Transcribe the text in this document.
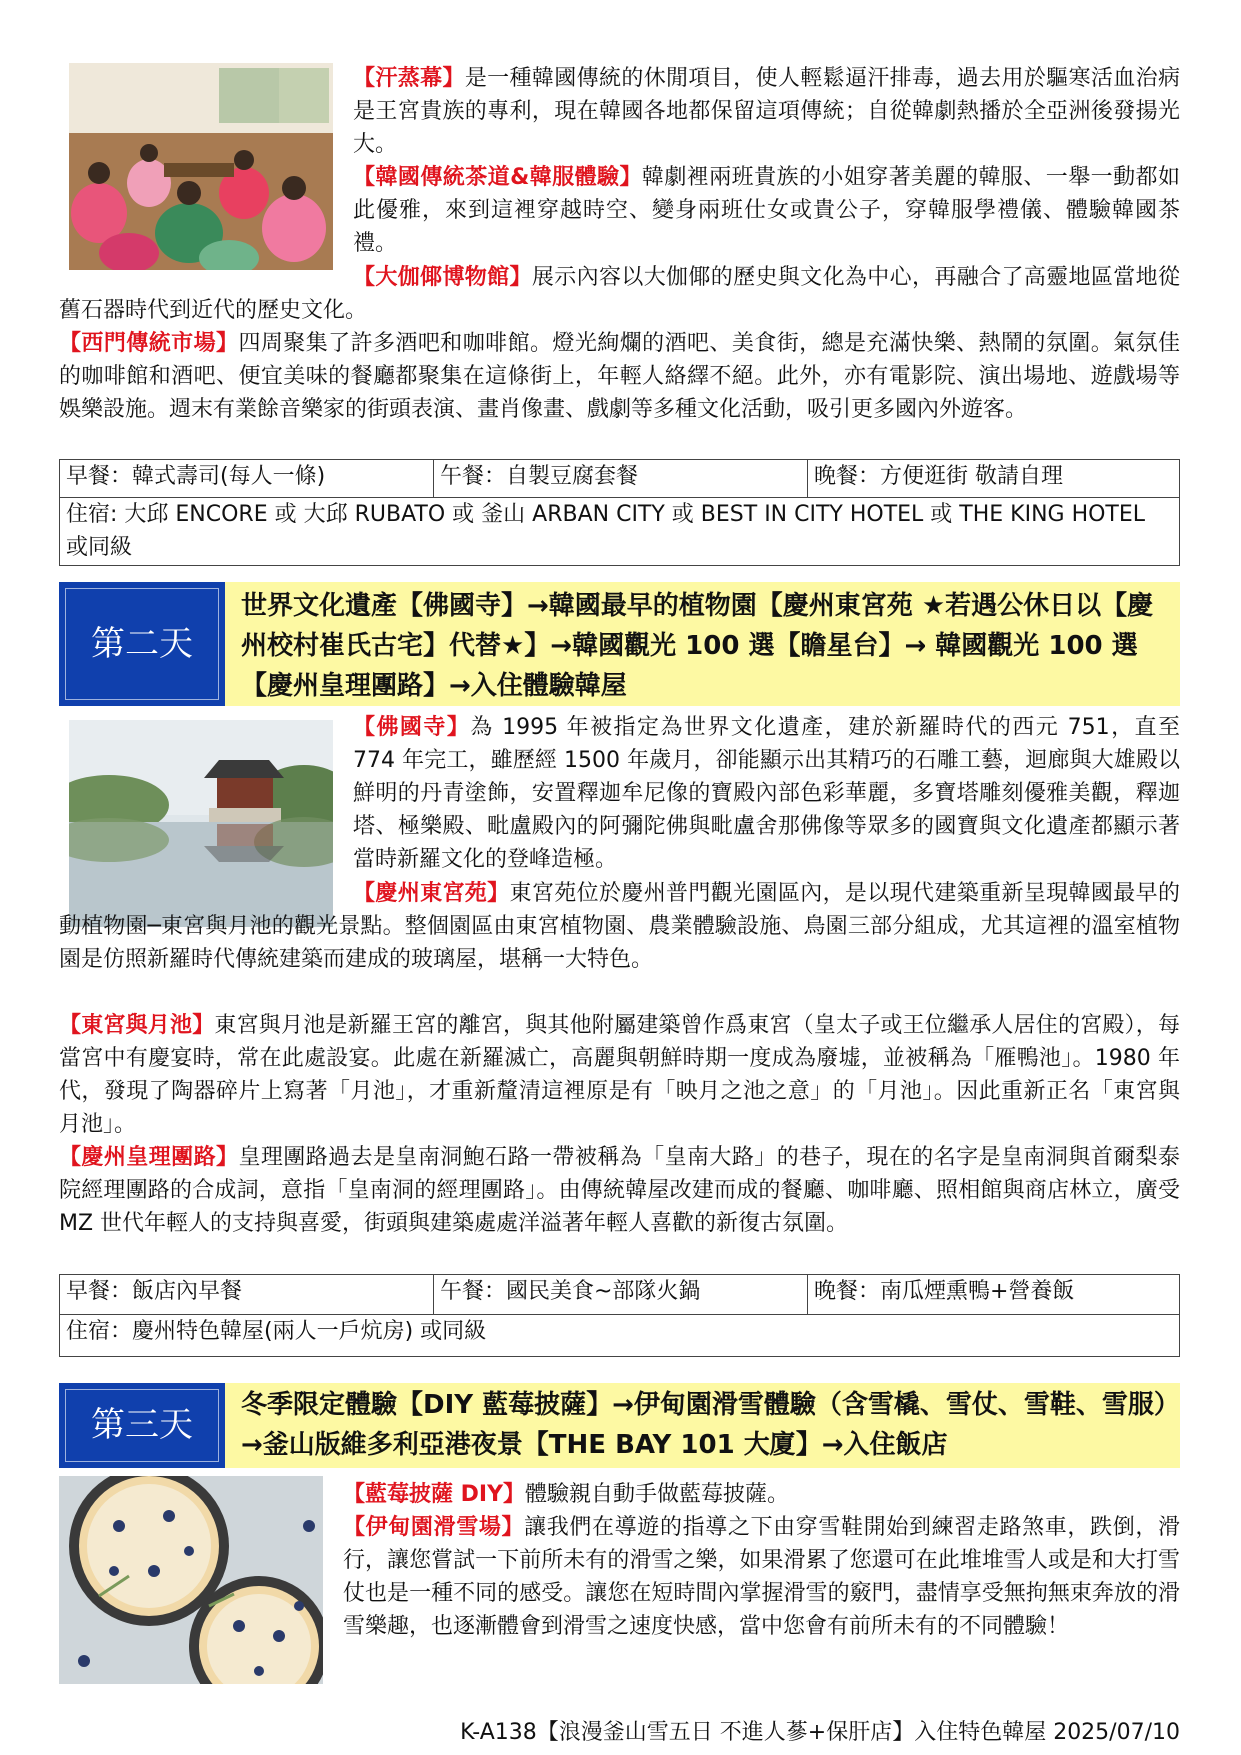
【汗蒸幕】是一種韓國傳統的休閒項目，使人輕鬆逼汗排毒，過去用於驅寒活血治病是王宮貴族的專利，現在韓國各地都保留這項傳統；自從韓劇熱播於全亞洲後發揚光大。

【韓國傳統茶道&韓服體驗】韓劇裡兩班貴族的小姐穿著美麗的韓服、一舉一動都如此優雅，來到這裡穿越時空、變身兩班仕女或貴公子，穿韓服學禮儀、體驗韓國茶禮。

【大伽倻博物館】展示內容以大伽倻的歷史與文化為中心，再融合了高靈地區當地從舊石器時代到近代的歷史文化。

【西門傳統市場】四周聚集了許多酒吧和咖啡館。燈光絢爛的酒吧、美食街，總是充滿快樂、熱鬧的氛圍。氣氛佳的咖啡館和酒吧、便宜美味的餐廳都聚集在這條街上，年輕人絡繹不絕。此外，亦有電影院、演出場地、遊戲場等娛樂設施。週末有業餘音樂家的街頭表演、畫肖像畫、戲劇等多種文化活動，吸引更多國內外遊客。

早餐：韓式壽司(每人一條)	午餐：自製豆腐套餐	晚餐：方便逛街 敬請自理
住宿: 大邱 ENCORE 或 大邱 RUBATO 或 釜山 ARBAN CITY 或 BEST IN CITY HOTEL 或 THE KING HOTEL 或同級
第二天
世界文化遺產【佛國寺】→韓國最早的植物園【慶州東宮苑 ★若遇公休日以【慶州校村崔氏古宅】代替★】→韓國觀光 100 選【瞻星台】→ 韓國觀光 100 選【慶州皇理團路】→入住體驗韓屋

【佛國寺】為 1995 年被指定為世界文化遺產，建於新羅時代的西元 751，直至 774 年完工，雖歷經 1500 年歲月，卻能顯示出其精巧的石雕工藝，迴廊與大雄殿以鮮明的丹青塗飾，安置釋迦牟尼像的寶殿內部色彩華麗，多寶塔雕刻優雅美觀，釋迦塔、極樂殿、毗盧殿內的阿彌陀佛與毗盧舍那佛像等眾多的國寶與文化遺產都顯示著當時新羅文化的登峰造極。

【慶州東宮苑】東宮苑位於慶州普門觀光園區內，是以現代建築重新呈現韓國最早的動植物園─東宮與月池的觀光景點。整個園區由東宮植物園、農業體驗設施、鳥園三部分組成，尤其這裡的溫室植物園是仿照新羅時代傳統建築而建成的玻璃屋，堪稱一大特色。

【東宮與月池】東宮與月池是新羅王宮的離宮，與其他附屬建築曾作爲東宮（皇太子或王位繼承人居住的宮殿），每當宮中有慶宴時，常在此處設宴。此處在新羅滅亡，高麗與朝鮮時期一度成為廢墟，並被稱為「雁鴨池」。1980 年代，發現了陶器碎片上寫著「月池」，才重新釐清這裡原是有「映月之池之意」的「月池」。因此重新正名「東宮與月池」。

【慶州皇理團路】皇理團路過去是皇南洞鮑石路一帶被稱為「皇南大路」的巷子，現在的名字是皇南洞與首爾梨泰院經理團路的合成詞，意指「皇南洞的經理團路」。由傳統韓屋改建而成的餐廳、咖啡廳、照相館與商店林立，廣受 MZ 世代年輕人的支持與喜愛，街頭與建築處處洋溢著年輕人喜歡的新復古氛圍。

早餐：飯店內早餐	午餐：國民美食~部隊火鍋	晚餐：南瓜煙熏鴨+營養飯
住宿：慶州特色韓屋(兩人一戶炕房) 或同級
第三天	冬季限定體驗【DIY 藍莓披薩】→伊甸園滑雪體驗（含雪橇、雪仗、雪鞋、雪服）→釜山版維多利亞港夜景【THE BAY 101 大廈】→入住飯店

【藍莓披薩 DIY】體驗親自動手做藍莓披薩。

【伊甸園滑雪場】讓我們在導遊的指導之下由穿雪鞋開始到練習走路煞車，跌倒，滑行，讓您嘗試一下前所未有的滑雪之樂，如果滑累了您還可在此堆堆雪人或是和大打雪仗也是一種不同的感受。讓您在短時間內掌握滑雪的竅門，盡情享受無拘無束奔放的滑雪樂趣，也逐漸體會到滑雪之速度快感，當中您會有前所未有的不同體驗！

K-A138【浪漫釜山雪五日 不進人蔘+保肝店】入住特色韓屋 2025/07/10
